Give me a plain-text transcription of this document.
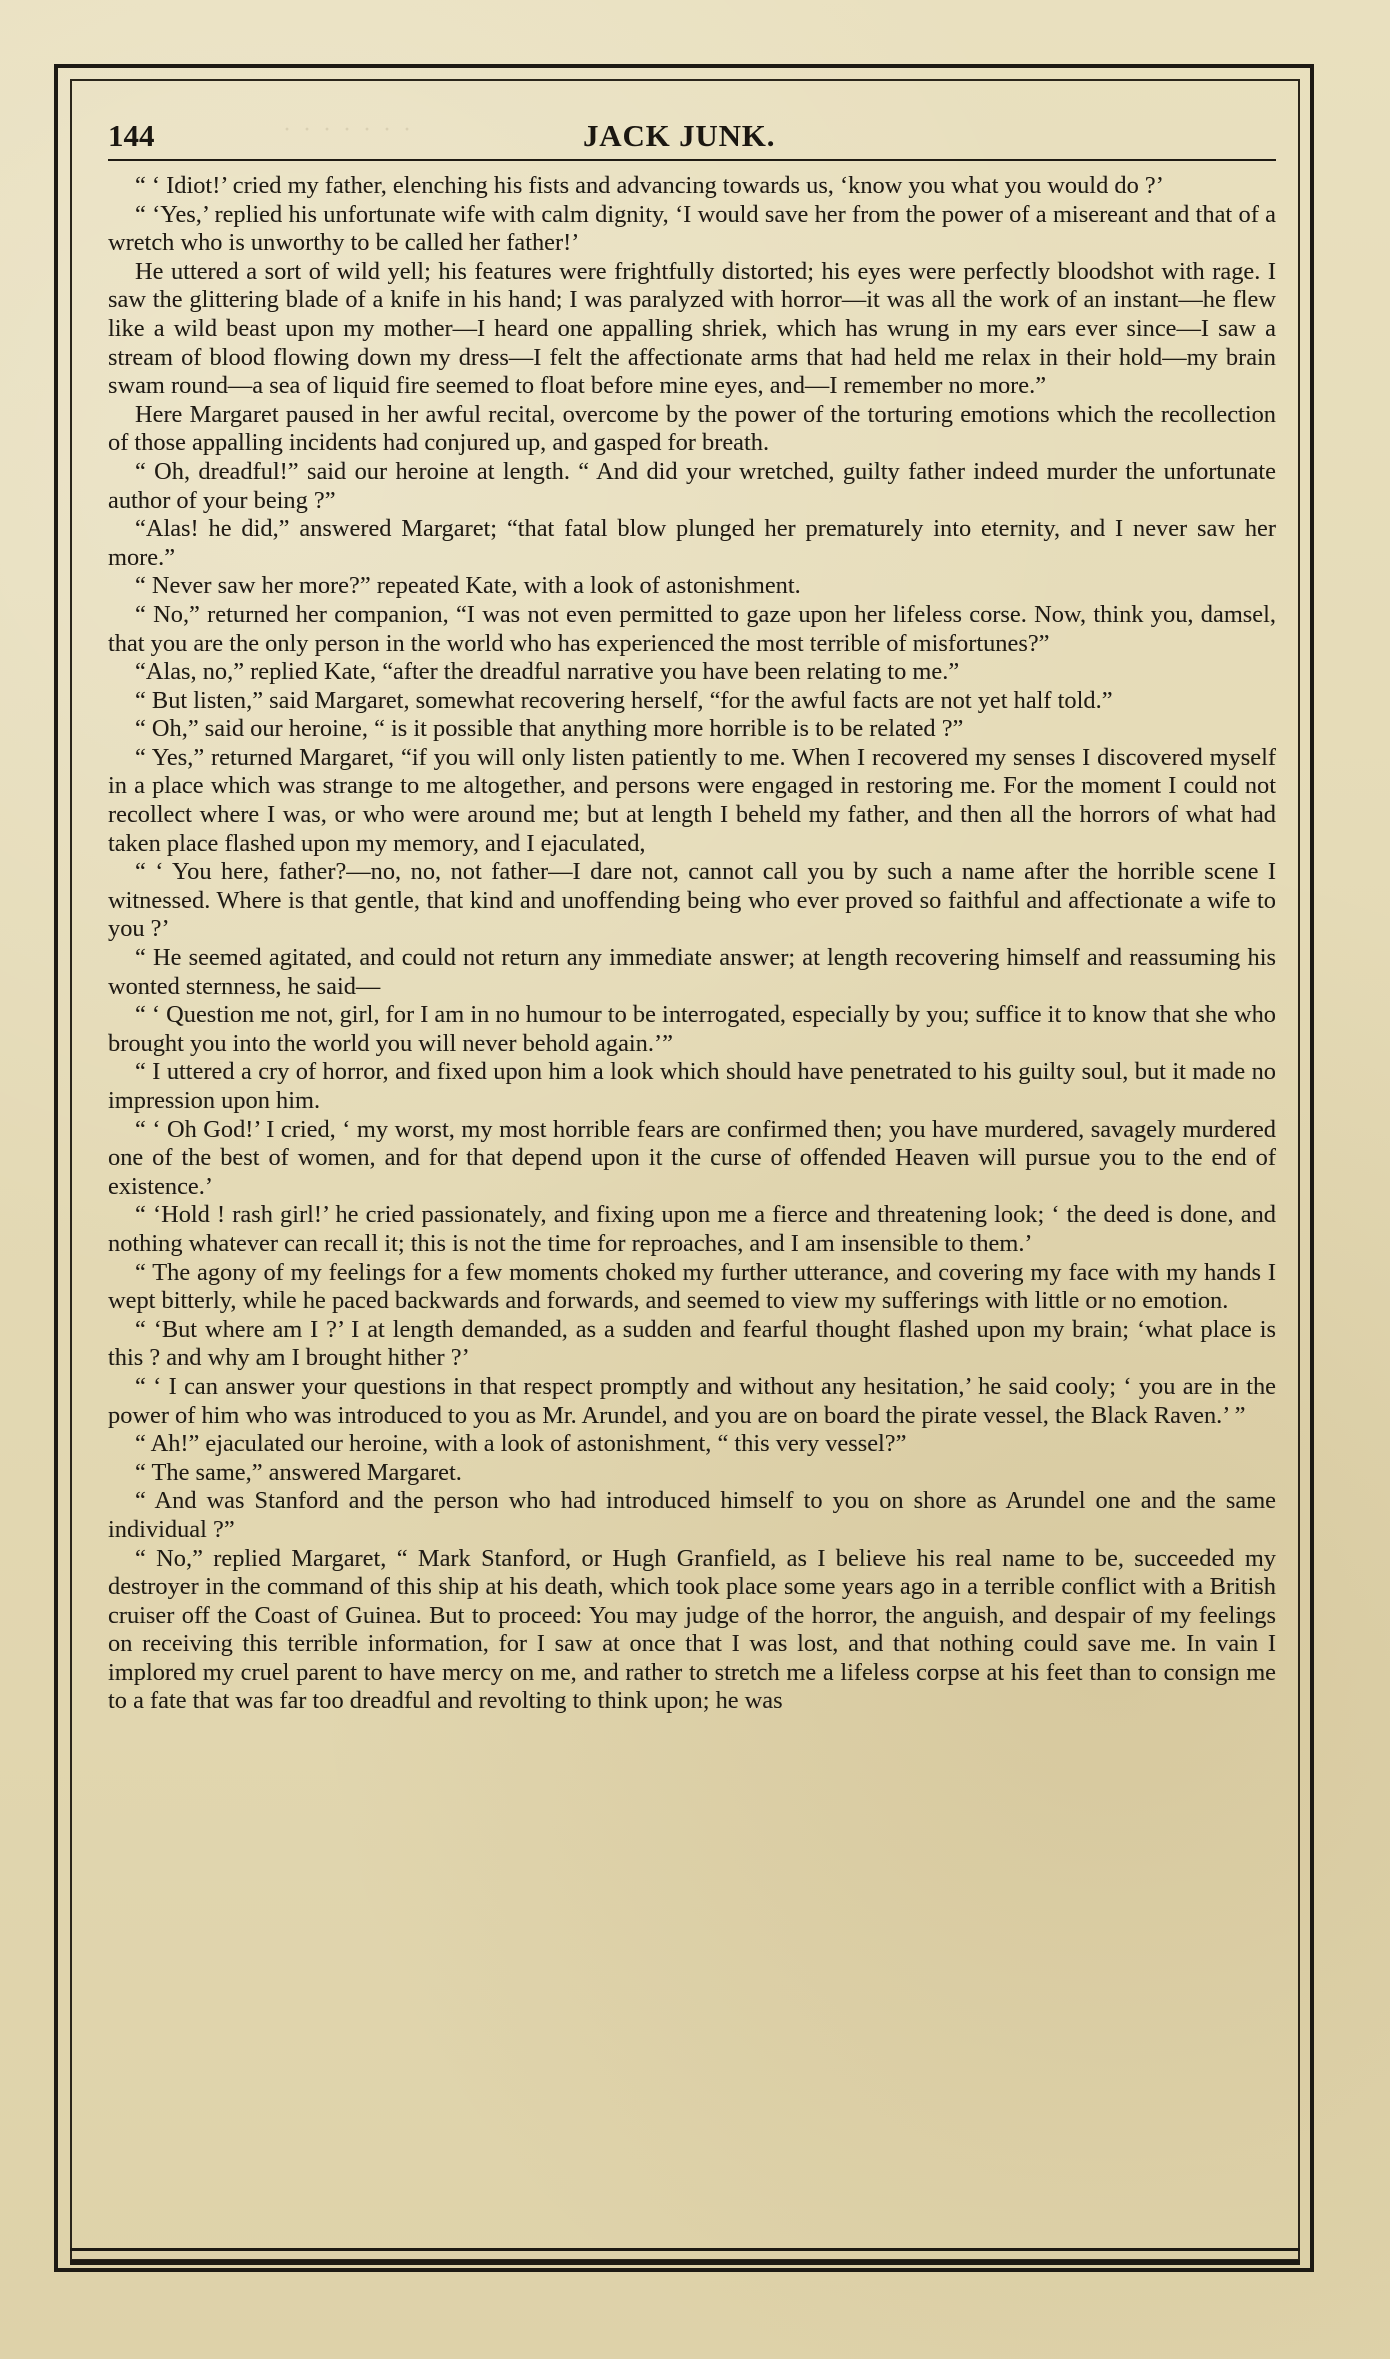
· · · · · · ·
144	JACK JUNK.

“ ‘ Idiot!’ cried my father, elenching his fists and advancing towards us, ‘know you what you would do ?’

“ ‘Yes,’ replied his unfortunate wife with calm dignity, ‘I would save her from the power of a misereant and that of a wretch who is unworthy to be called her father!’

He uttered a sort of wild yell; his features were frightfully distorted; his eyes were perfectly bloodshot with rage. I saw the glittering blade of a knife in his hand; I was paralyzed with horror—it was all the work of an instant—he flew like a wild beast upon my mother—I heard one appalling shriek, which has wrung in my ears ever since—I saw a stream of blood flowing down my dress—I felt the affectionate arms that had held me relax in their hold—my brain swam round—a sea of liquid fire seemed to float before mine eyes, and—I remember no more.”

Here Margaret paused in her awful recital, overcome by the power of the torturing emotions which the recollection of those appalling incidents had conjured up, and gasped for breath.

“ Oh, dreadful!” said our heroine at length. “ And did your wretched, guilty father indeed murder the unfortunate author of your being ?”

“Alas! he did,” answered Margaret; “that fatal blow plunged her prematurely into eternity, and I never saw her more.”

“ Never saw her more?” repeated Kate, with a look of astonishment.

“ No,” returned her companion, “I was not even permitted to gaze upon her lifeless corse. Now, think you, damsel, that you are the only person in the world who has experienced the most terrible of misfortunes?”

“Alas, no,” replied Kate, “after the dreadful narrative you have been relating to me.”

“ But listen,” said Margaret, somewhat recovering herself, “for the awful facts are not yet half told.”

“ Oh,” said our heroine, “ is it possible that anything more horrible is to be related ?”

“ Yes,” returned Margaret, “if you will only listen patiently to me. When I recovered my senses I discovered myself in a place which was strange to me altogether, and persons were engaged in restoring me. For the moment I could not recollect where I was, or who were around me; but at length I beheld my father, and then all the horrors of what had taken place flashed upon my memory, and I ejaculated,

“ ‘ You here, father?—no, no, not father—I dare not, cannot call you by such a name after the horrible scene I witnessed. Where is that gentle, that kind and unoffending being who ever proved so faithful and affectionate a wife to you ?’

“ He seemed agitated, and could not return any immediate answer; at length recovering himself and reassuming his wonted sternness, he said—

“ ‘ Question me not, girl, for I am in no humour to be interrogated, especially by you; suffice it to know that she who brought you into the world you will never behold again.’”

“ I uttered a cry of horror, and fixed upon him a look which should have penetrated to his guilty soul, but it made no impression upon him.

“ ‘ Oh God!’ I cried, ‘ my worst, my most horrible fears are confirmed then; you have murdered, savagely murdered one of the best of women, and for that depend upon it the curse of offended Heaven will pursue you to the end of existence.’

“ ‘Hold ! rash girl!’ he cried passionately, and fixing upon me a fierce and threatening look; ‘ the deed is done, and nothing whatever can recall it; this is not the time for reproaches, and I am insensible to them.’

“ The agony of my feelings for a few moments choked my further utterance, and covering my face with my hands I wept bitterly, while he paced backwards and forwards, and seemed to view my sufferings with little or no emotion.

“ ‘But where am I ?’ I at length demanded, as a sudden and fearful thought flashed upon my brain; ‘what place is this ? and why am I brought hither ?’

“ ‘ I can answer your questions in that respect promptly and without any hesitation,’ he said cooly; ‘ you are in the power of him who was introduced to you as Mr. Arundel, and you are on board the pirate vessel, the Black Raven.’ ”

“ Ah!” ejaculated our heroine, with a look of astonishment, “ this very vessel?”

“ The same,” answered Margaret.

“ And was Stanford and the person who had introduced himself to you on shore as Arundel one and the same individual ?”

“ No,” replied Margaret, “ Mark Stanford, or Hugh Granfield, as I believe his real name to be, succeeded my destroyer in the command of this ship at his death, which took place some years ago in a terrible conflict with a British cruiser off the Coast of Guinea. But to proceed: You may judge of the horror, the anguish, and despair of my feelings on receiving this terrible information, for I saw at once that I was lost, and that nothing could save me. In vain I implored my cruel parent to have mercy on me, and rather to stretch me a lifeless corpse at his feet than to consign me to a fate that was far too dreadful and revolting to think upon; he was
